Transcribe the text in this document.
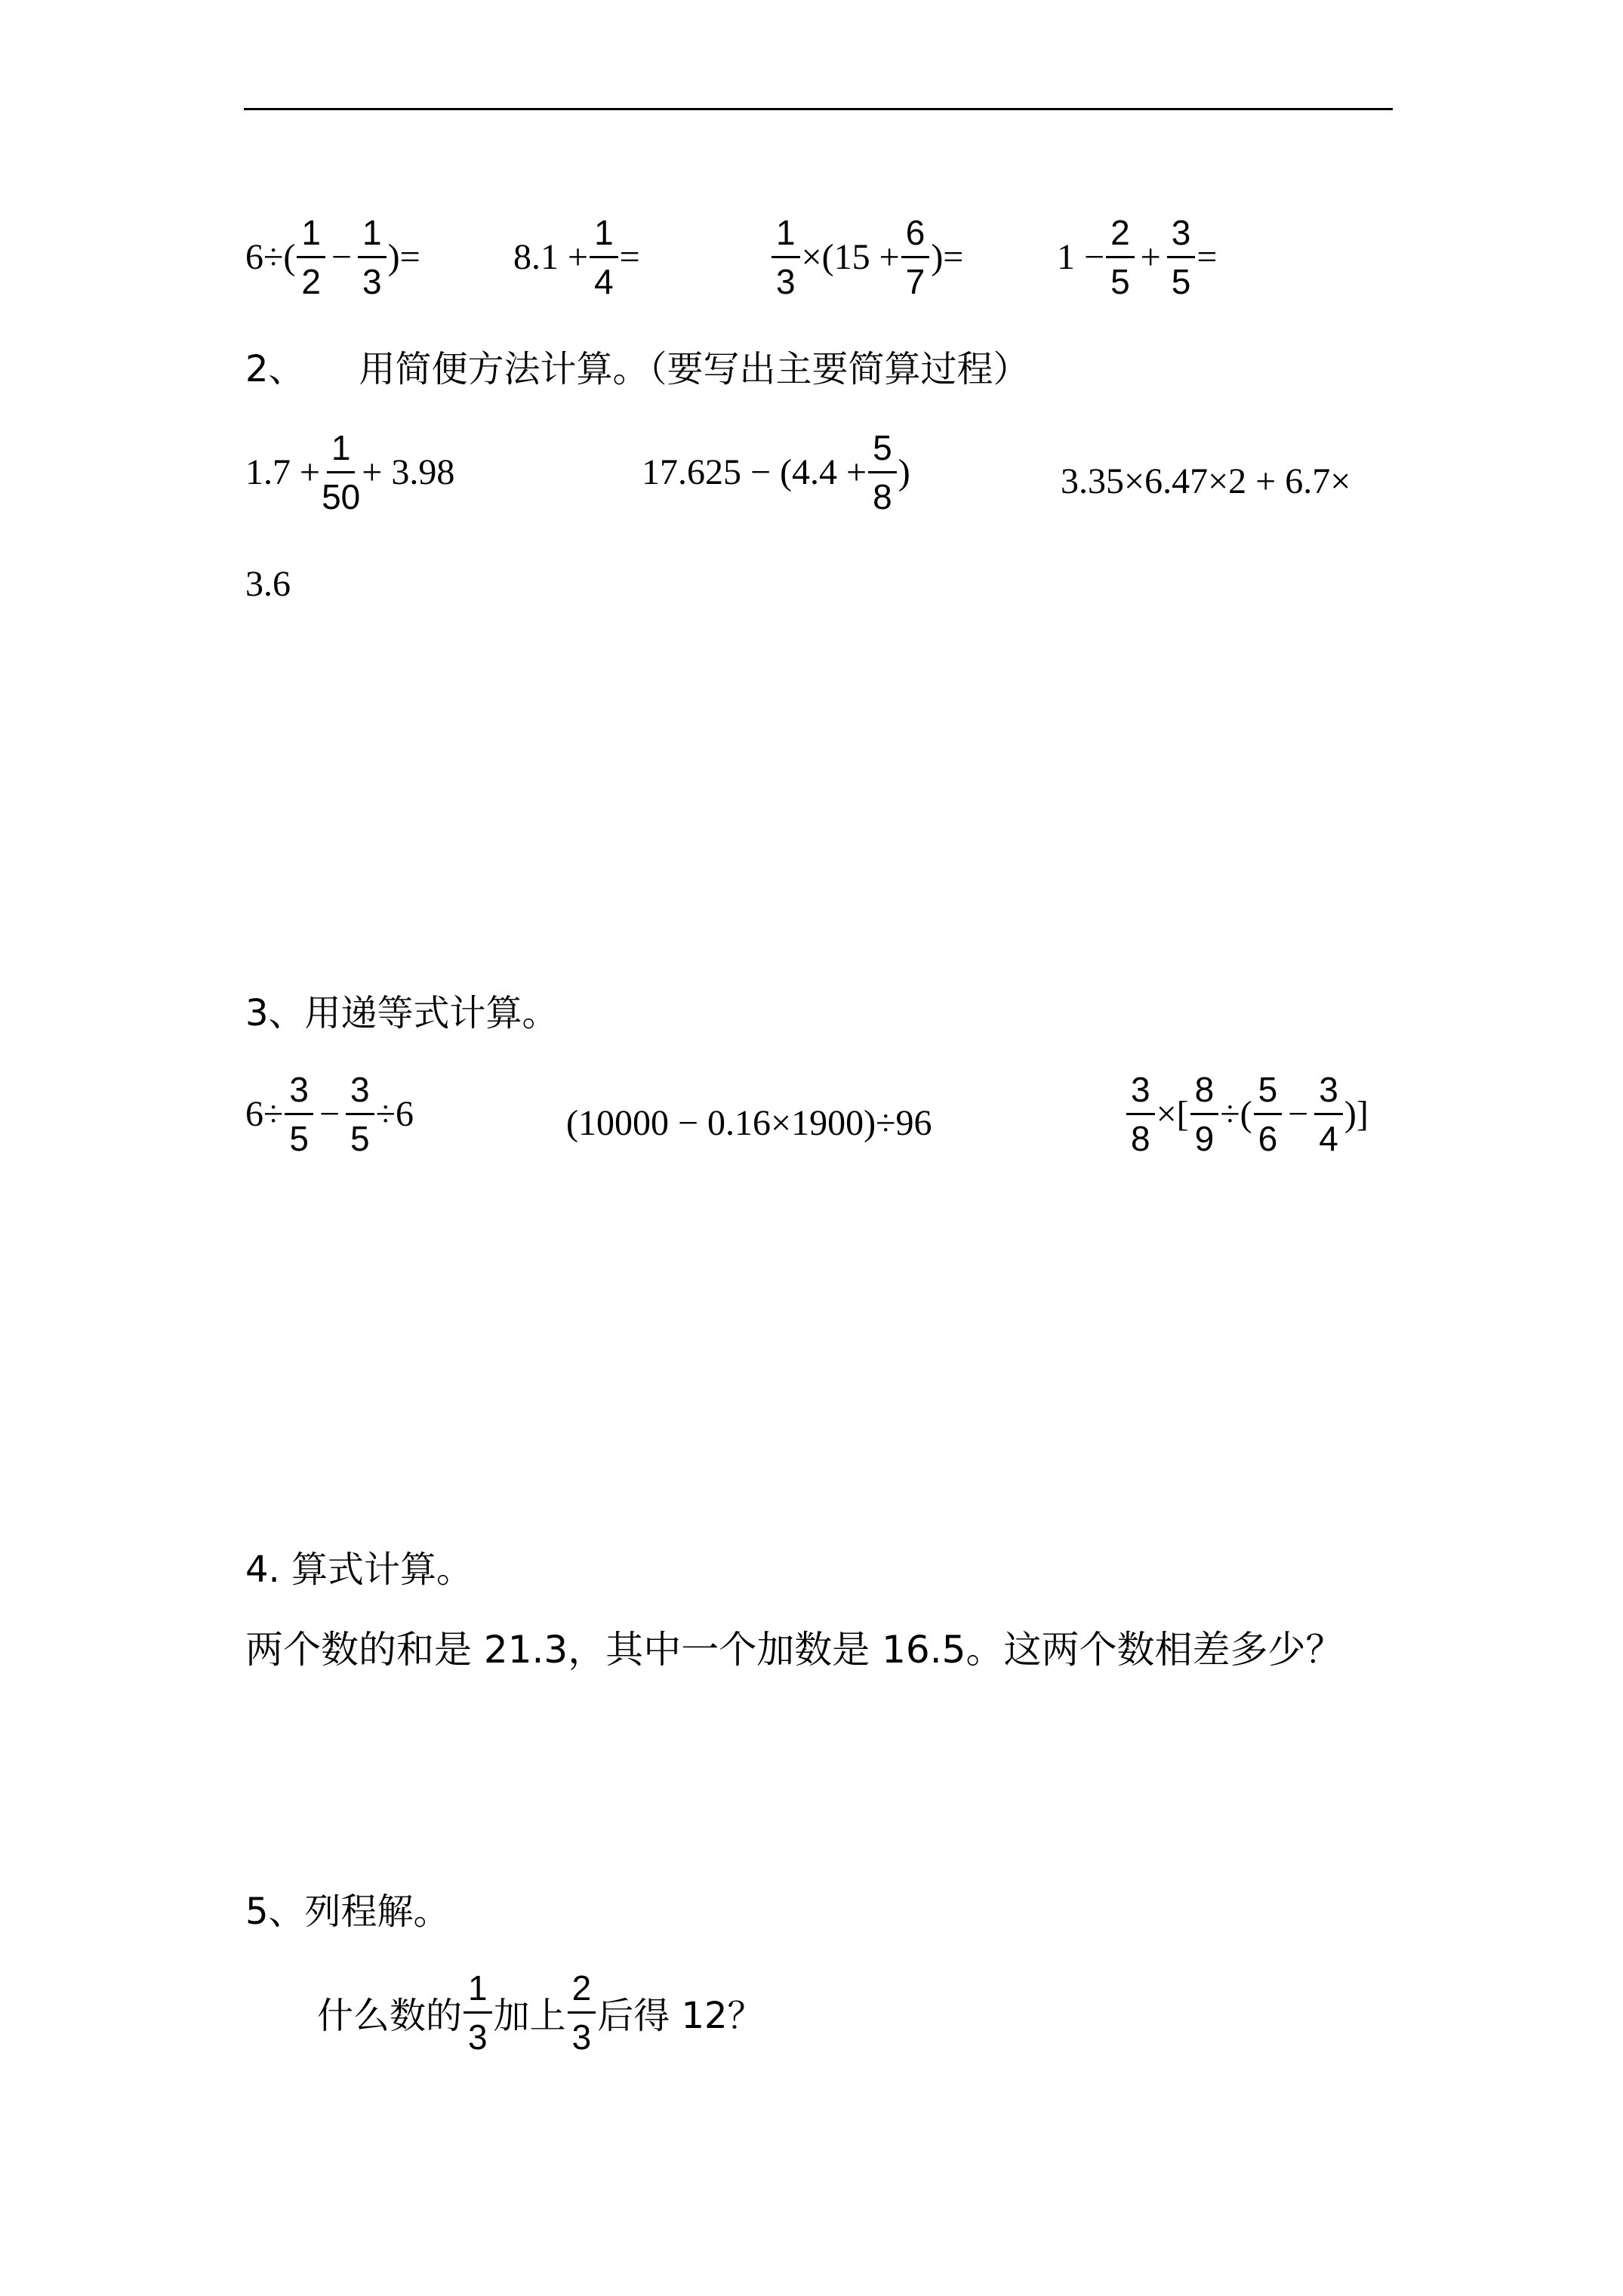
$6\div( \frac{1}{2} - \frac{1}{3}$ )=	$8.1 + \frac{1}{4}$ =	$\frac{1}{3} \times(15 + \frac{6}{7}$ )=	$1 - \frac{2}{5} + \frac{3}{5}$ =
2、　　用简便方法计算。（要写出主要简算过程）
$1.7 + \frac{1}{50} + 3.98$	$17.625 - (4.4 + \frac{5}{8}$ )	3.35×6.47×2 + 6.7×
3.6
3、用递等式计算。
$6\div \frac{3}{5} - \frac{3}{5} \div 6$	(10000 − 0.16×1900)÷96	$\frac{3}{8}$ ×[ $\frac{8}{9}$ ÷( $\frac{5}{6} - \frac{3}{4}$ )]
4. 算式计算。
两个数的和是 21.3，其中一个加数是 16.5。这两个数相差多少？
5、列程解。
什么数的 $\frac{1}{3}$ 加上 $\frac{2}{3}$ 后得 12？
